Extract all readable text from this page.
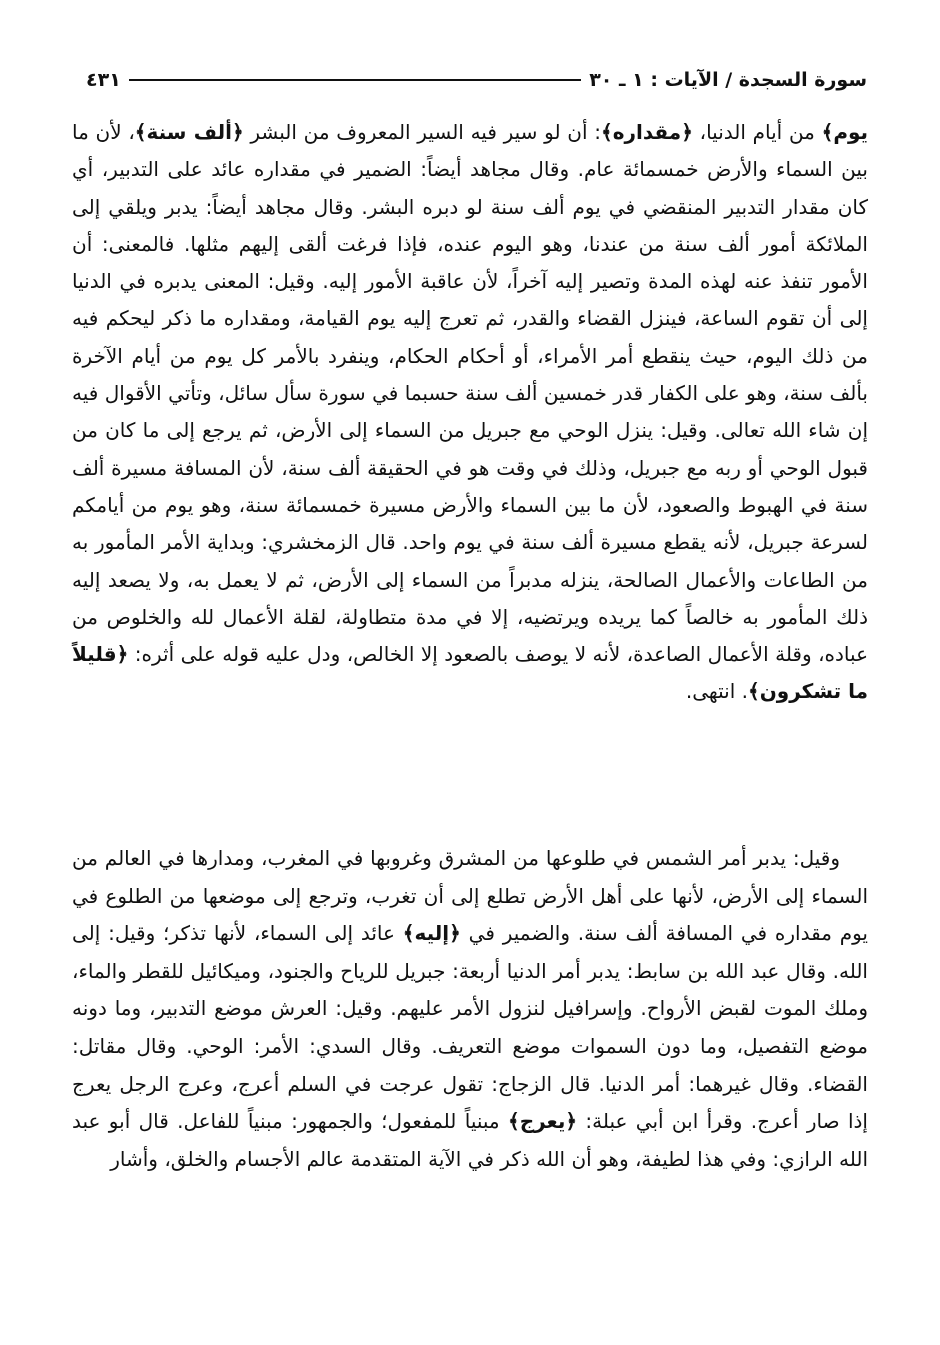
سورة السجدة / الآيات : ١ ـ ٣٠
٤٣١

يوم﴾ من أيام الدنيا، ﴿مقداره﴾: أن لو سير فيه السير المعروف من البشر ﴿ألف سنة﴾، لأن ما بين السماء والأرض خمسمائة عام. وقال مجاهد أيضاً: الضمير في مقداره عائد على التدبير، أي كان مقدار التدبير المنقضي في يوم ألف سنة لو دبره البشر. وقال مجاهد أيضاً: يدبر ويلقي إلى الملائكة أمور ألف سنة من عندنا، وهو اليوم عنده، فإذا فرغت ألقى إليهم مثلها. فالمعنى: أن الأمور تنفذ عنه لهذه المدة وتصير إليه آخراً، لأن عاقبة الأمور إليه. وقيل: المعنى يدبره في الدنيا إلى أن تقوم الساعة، فينزل القضاء والقدر، ثم تعرج إليه يوم القيامة، ومقداره ما ذكر ليحكم فيه من ذلك اليوم، حيث ينقطع أمر الأمراء، أو أحكام الحكام، وينفرد بالأمر كل يوم من أيام الآخرة بألف سنة، وهو على الكفار قدر خمسين ألف سنة حسبما في سورة سأل سائل، وتأتي الأقوال فيه إن شاء الله تعالى. وقيل: ينزل الوحي مع جبريل من السماء إلى الأرض، ثم يرجع إلى ما كان من قبول الوحي أو ربه مع جبريل، وذلك في وقت هو في الحقيقة ألف سنة، لأن المسافة مسيرة ألف سنة في الهبوط والصعود، لأن ما بين السماء والأرض مسيرة خمسمائة سنة، وهو يوم من أيامكم لسرعة جبريل، لأنه يقطع مسيرة ألف سنة في يوم واحد. قال الزمخشري: وبداية الأمر المأمور به من الطاعات والأعمال الصالحة، ينزله مدبراً من السماء إلى الأرض، ثم لا يعمل به، ولا يصعد إليه ذلك المأمور به خالصاً كما يريده ويرتضيه، إلا في مدة متطاولة، لقلة الأعمال لله والخلوص من عباده، وقلة الأعمال الصاعدة، لأنه لا يوصف بالصعود إلا الخالص، ودل عليه قوله على أثره: ﴿قليلاً ما تشكرون﴾. انتهى.

وقيل: يدبر أمر الشمس في طلوعها من المشرق وغروبها في المغرب، ومدارها في العالم من السماء إلى الأرض، لأنها على أهل الأرض تطلع إلى أن تغرب، وترجع إلى موضعها من الطلوع في يوم مقداره في المسافة ألف سنة. والضمير في ﴿إليه﴾ عائد إلى السماء، لأنها تذكر؛ وقيل: إلى الله. وقال عبد الله بن سابط: يدبر أمر الدنيا أربعة: جبريل للرياح والجنود، وميكائيل للقطر والماء، وملك الموت لقبض الأرواح. وإسرافيل لنزول الأمر عليهم. وقيل: العرش موضع التدبير، وما دونه موضع التفصيل، وما دون السموات موضع التعريف. وقال السدي: الأمر: الوحي. وقال مقاتل: القضاء. وقال غيرهما: أمر الدنيا. قال الزجاج: تقول عرجت في السلم أعرج، وعرج الرجل يعرج إذا صار أعرج. وقرأ ابن أبي عبلة: ﴿يعرج﴾ مبنياً للمفعول؛ والجمهور: مبنياً للفاعل. قال أبو عبد الله الرازي: وفي هذا لطيفة، وهو أن الله ذكر في الآية المتقدمة عالم الأجسام والخلق، وأشار
